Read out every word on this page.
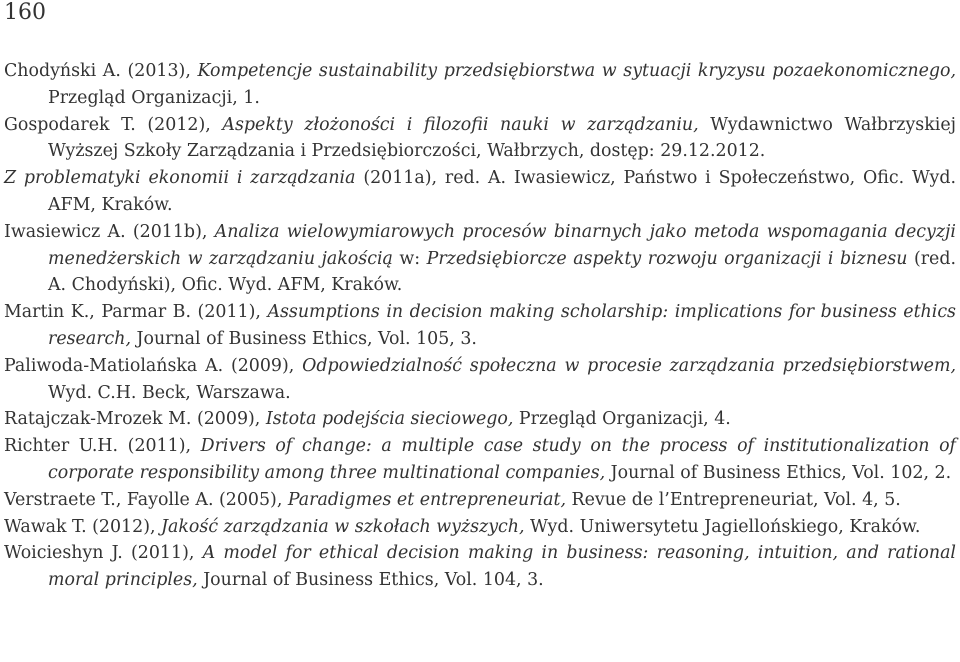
160

Chodyński A. (2013), Kompetencje sustainability przedsiębiorstwa w sytuacji kryzysu pozaekonomicznego, Przegląd Organizacji, 1.

Gospodarek T. (2012), Aspekty złożoności i filozofii nauki w zarządzaniu, Wydawnictwo Wałbrzyskiej Wyższej Szkoły Zarządzania i Przedsiębiorczości, Wałbrzych, dostęp: 29.12.2012.

Z problematyki ekonomii i zarządzania (2011a), red. A. Iwasiewicz, Państwo i Społeczeństwo, Ofic. Wyd. AFM, Kraków.

Iwasiewicz A. (2011b), Analiza wielowymiarowych procesów binarnych jako metoda wspomagania decyzji menedżerskich w zarządzaniu jakością w: Przedsiębiorcze aspekty rozwoju organizacji i biznesu (red. A. Chodyński), Ofic. Wyd. AFM, Kraków.

Martin K., Parmar B. (2011), Assumptions in decision making scholarship: implications for business ethics research, Journal of Business Ethics, Vol. 105, 3.

Paliwoda-Matiolańska A. (2009), Odpowiedzialność społeczna w procesie zarządzania przedsiębiorstwem, Wyd. C.H. Beck, Warszawa.

Ratajczak-Mrozek M. (2009), Istota podejścia sieciowego, Przegląd Organizacji, 4.

Richter U.H. (2011), Drivers of change: a multiple case study on the process of institutionalization of corporate responsibility among three multinational companies, Journal of Business Ethics, Vol. 102, 2.

Verstraete T., Fayolle A. (2005), Paradigmes et entrepreneuriat, Revue de l’Entrepreneuriat, Vol. 4, 5.

Wawak T. (2012), Jakość zarządzania w szkołach wyższych, Wyd. Uniwersytetu Jagiellońskiego, Kraków.

Woicieshyn J. (2011), A model for ethical decision making in business: reasoning, intuition, and rational moral principles, Journal of Business Ethics, Vol. 104, 3.
